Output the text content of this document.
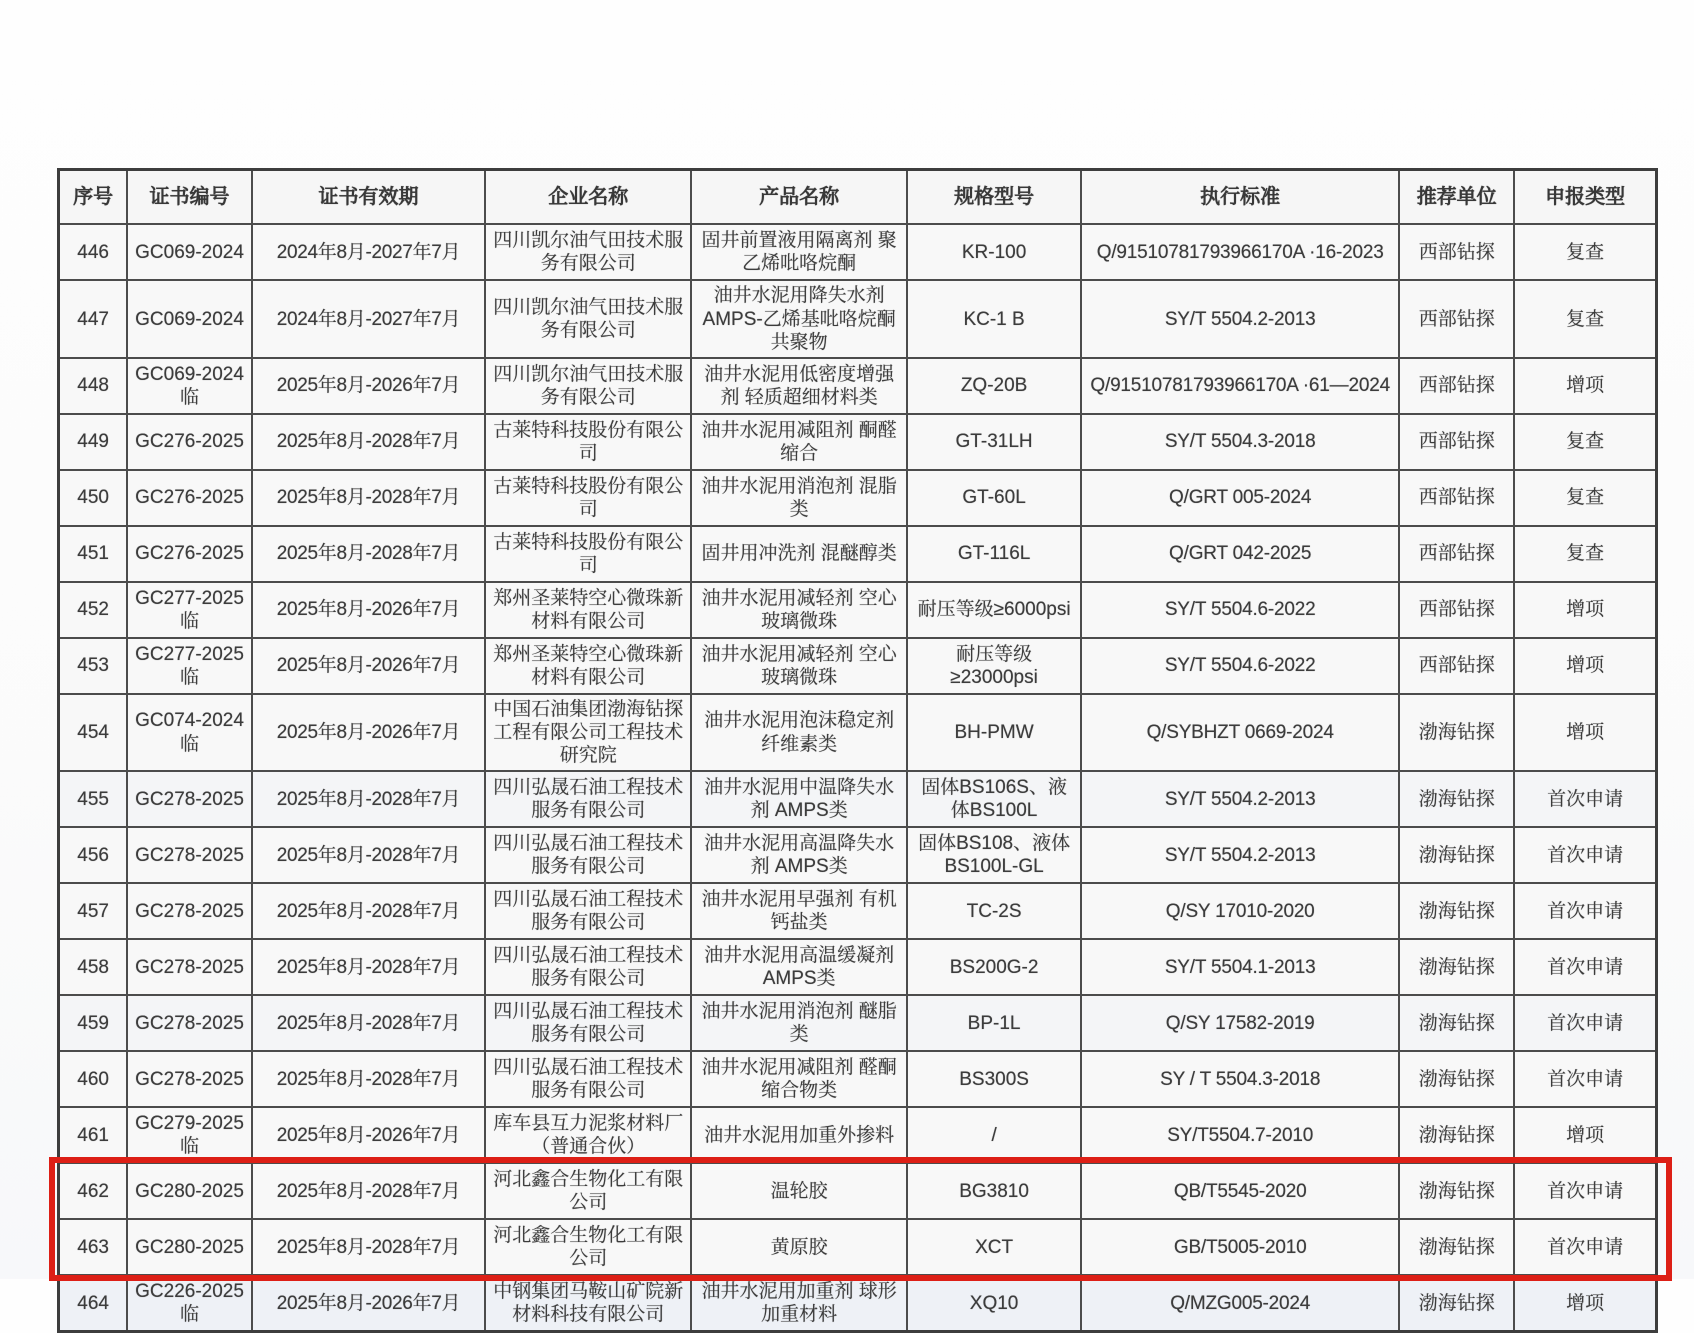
序号	证书编号	证书有效期	企业名称	产品名称	规格型号	执行标准	推荐单位	申报类型
446	GC069-2024	2024年8月-2027年7月	四川凯尔油气田技术服务有限公司	固井前置液用隔离剂 聚乙烯吡咯烷酮	KR-100	Q/91510781793966170A ·16-2023	西部钻探	复查
447	GC069-2024	2024年8月-2027年7月	四川凯尔油气田技术服务有限公司	油井水泥用降失水剂 AMPS-乙烯基吡咯烷酮 共聚物	KC-1 B	SY/T 5504.2-2013	西部钻探	复查
448	GC069-2024临	2025年8月-2026年7月	四川凯尔油气田技术服务有限公司	油井水泥用低密度增强剂 轻质超细材料类	ZQ-20B	Q/91510781793966170A ·61—2024	西部钻探	增项
449	GC276-2025	2025年8月-2028年7月	古莱特科技股份有限公司	油井水泥用减阻剂 酮醛缩合	GT-31LH	SY/T 5504.3-2018	西部钻探	复查
450	GC276-2025	2025年8月-2028年7月	古莱特科技股份有限公司	油井水泥用消泡剂 混脂类	GT-60L	Q/GRT 005-2024	西部钻探	复查
451	GC276-2025	2025年8月-2028年7月	古莱特科技股份有限公司	固井用冲洗剂 混醚醇类	GT-116L	Q/GRT 042-2025	西部钻探	复查
452	GC277-2025临	2025年8月-2026年7月	郑州圣莱特空心微珠新材料有限公司	油井水泥用减轻剂 空心玻璃微珠	耐压等级≥6000psi	SY/T 5504.6-2022	西部钻探	增项
453	GC277-2025临	2025年8月-2026年7月	郑州圣莱特空心微珠新材料有限公司	油井水泥用减轻剂 空心玻璃微珠	耐压等级≥23000psi	SY/T 5504.6-2022	西部钻探	增项
454	GC074-2024临	2025年8月-2026年7月	中国石油集团渤海钻探工程有限公司工程技术研究院	油井水泥用泡沫稳定剂 纤维素类	BH-PMW	Q/SYBHZT 0669-2024	渤海钻探	增项
455	GC278-2025	2025年8月-2028年7月	四川弘晟石油工程技术服务有限公司	油井水泥用中温降失水剂 AMPS类	固体BS106S、液体BS100L	SY/T 5504.2-2013	渤海钻探	首次申请
456	GC278-2025	2025年8月-2028年7月	四川弘晟石油工程技术服务有限公司	油井水泥用高温降失水剂 AMPS类	固体BS108、液体BS100L-GL	SY/T 5504.2-2013	渤海钻探	首次申请
457	GC278-2025	2025年8月-2028年7月	四川弘晟石油工程技术服务有限公司	油井水泥用早强剂 有机钙盐类	TC-2S	Q/SY 17010-2020	渤海钻探	首次申请
458	GC278-2025	2025年8月-2028年7月	四川弘晟石油工程技术服务有限公司	油井水泥用高温缓凝剂 AMPS类	BS200G-2	SY/T 5504.1-2013	渤海钻探	首次申请
459	GC278-2025	2025年8月-2028年7月	四川弘晟石油工程技术服务有限公司	油井水泥用消泡剂 醚脂类	BP-1L	Q/SY 17582-2019	渤海钻探	首次申请
460	GC278-2025	2025年8月-2028年7月	四川弘晟石油工程技术服务有限公司	油井水泥用减阻剂 醛酮缩合物类	BS300S	SY / T 5504.3-2018	渤海钻探	首次申请
461	GC279-2025临	2025年8月-2026年7月	库车县互力泥浆材料厂（普通合伙）	油井水泥用加重外掺料	/	SY/T5504.7-2010	渤海钻探	增项
462	GC280-2025	2025年8月-2028年7月	河北鑫合生物化工有限公司	温轮胶	BG3810	QB/T5545-2020	渤海钻探	首次申请
463	GC280-2025	2025年8月-2028年7月	河北鑫合生物化工有限公司	黄原胶	XCT	GB/T5005-2010	渤海钻探	首次申请
464	GC226-2025临	2025年8月-2026年7月	中钢集团马鞍山矿院新材料科技有限公司	油井水泥用加重剂 球形加重材料	XQ10	Q/MZG005-2024	渤海钻探	增项
